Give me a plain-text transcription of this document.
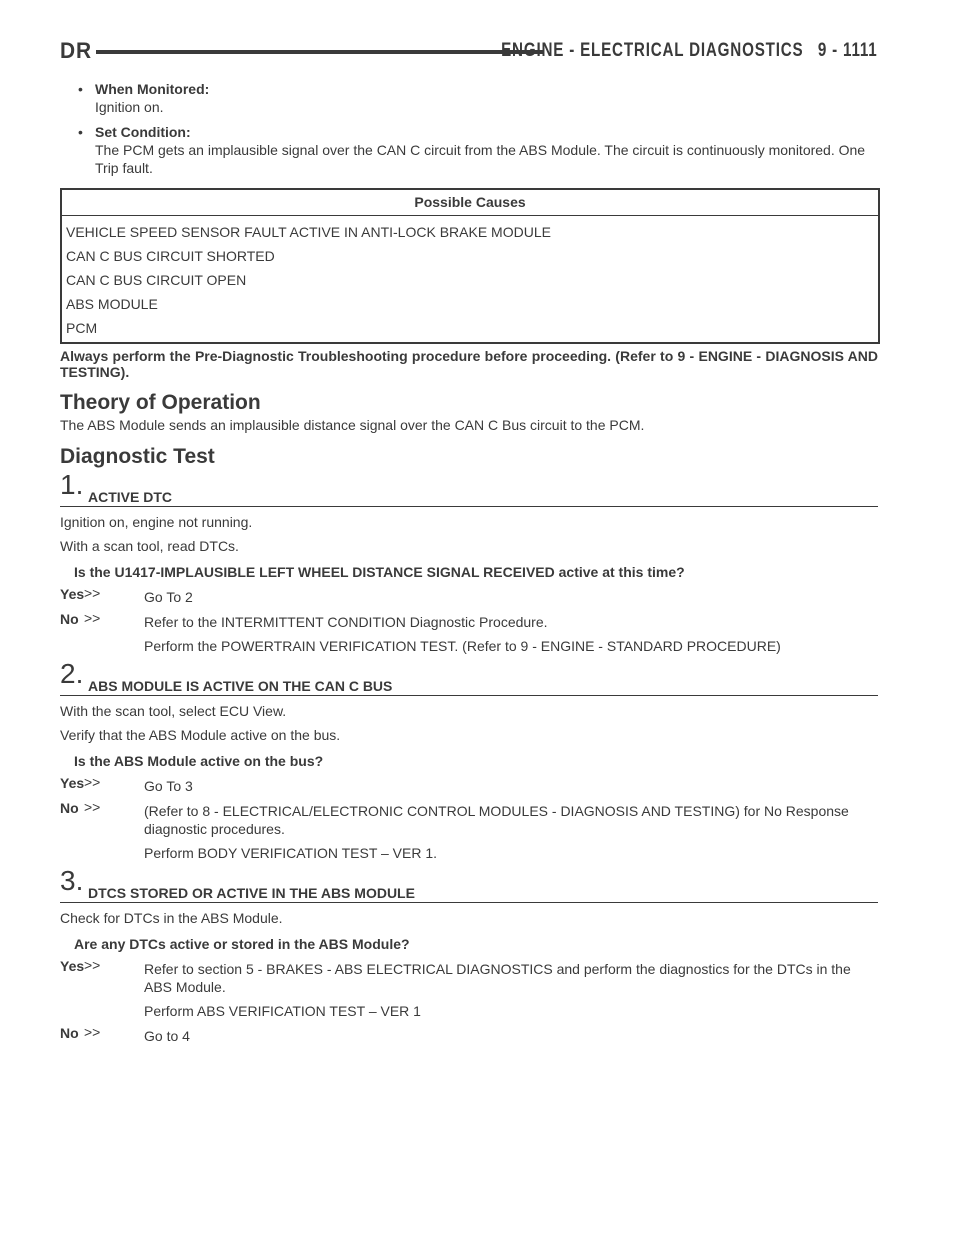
DR	ENGINE - ELECTRICAL DIAGNOSTICS 9 - 1111
• When Monitored:
Ignition on.
• Set Condition:
The PCM gets an implausible signal over the CAN C circuit from the ABS Module. The circuit is continuously monitored. One Trip fault.
Possible Causes
VEHICLE SPEED SENSOR FAULT ACTIVE IN ANTI-LOCK BRAKE MODULE
CAN C BUS CIRCUIT SHORTED
CAN C BUS CIRCUIT OPEN
ABS MODULE
PCM
Always perform the Pre-Diagnostic Troubleshooting procedure before proceeding. (Refer to 9 - ENGINE - DIAGNOSIS AND TESTING).
Theory of Operation
The ABS Module sends an implausible distance signal over the CAN C Bus circuit to the PCM.
Diagnostic Test
1. ACTIVE DTC
Ignition on, engine not running.
With a scan tool, read DTCs.
Is the U1417-IMPLAUSIBLE LEFT WHEEL DISTANCE SIGNAL RECEIVED active at this time?
Yes >>	Go To 2
No >>	Refer to the INTERMITTENT CONDITION Diagnostic Procedure.
Perform the POWERTRAIN VERIFICATION TEST. (Refer to 9 - ENGINE - STANDARD PROCEDURE)
2. ABS MODULE IS ACTIVE ON THE CAN C BUS
With the scan tool, select ECU View.
Verify that the ABS Module active on the bus.
Is the ABS Module active on the bus?
Yes >>	Go To 3
No >>	(Refer to 8 - ELECTRICAL/ELECTRONIC CONTROL MODULES - DIAGNOSIS AND TESTING) for No Response diagnostic procedures.
Perform BODY VERIFICATION TEST – VER 1.
3. DTCS STORED OR ACTIVE IN THE ABS MODULE
Check for DTCs in the ABS Module.
Are any DTCs active or stored in the ABS Module?
Yes >>	Refer to section 5 - BRAKES - ABS ELECTRICAL DIAGNOSTICS and perform the diagnostics for the DTCs in the ABS Module.
Perform ABS VERIFICATION TEST – VER 1
No >>	Go to 4
